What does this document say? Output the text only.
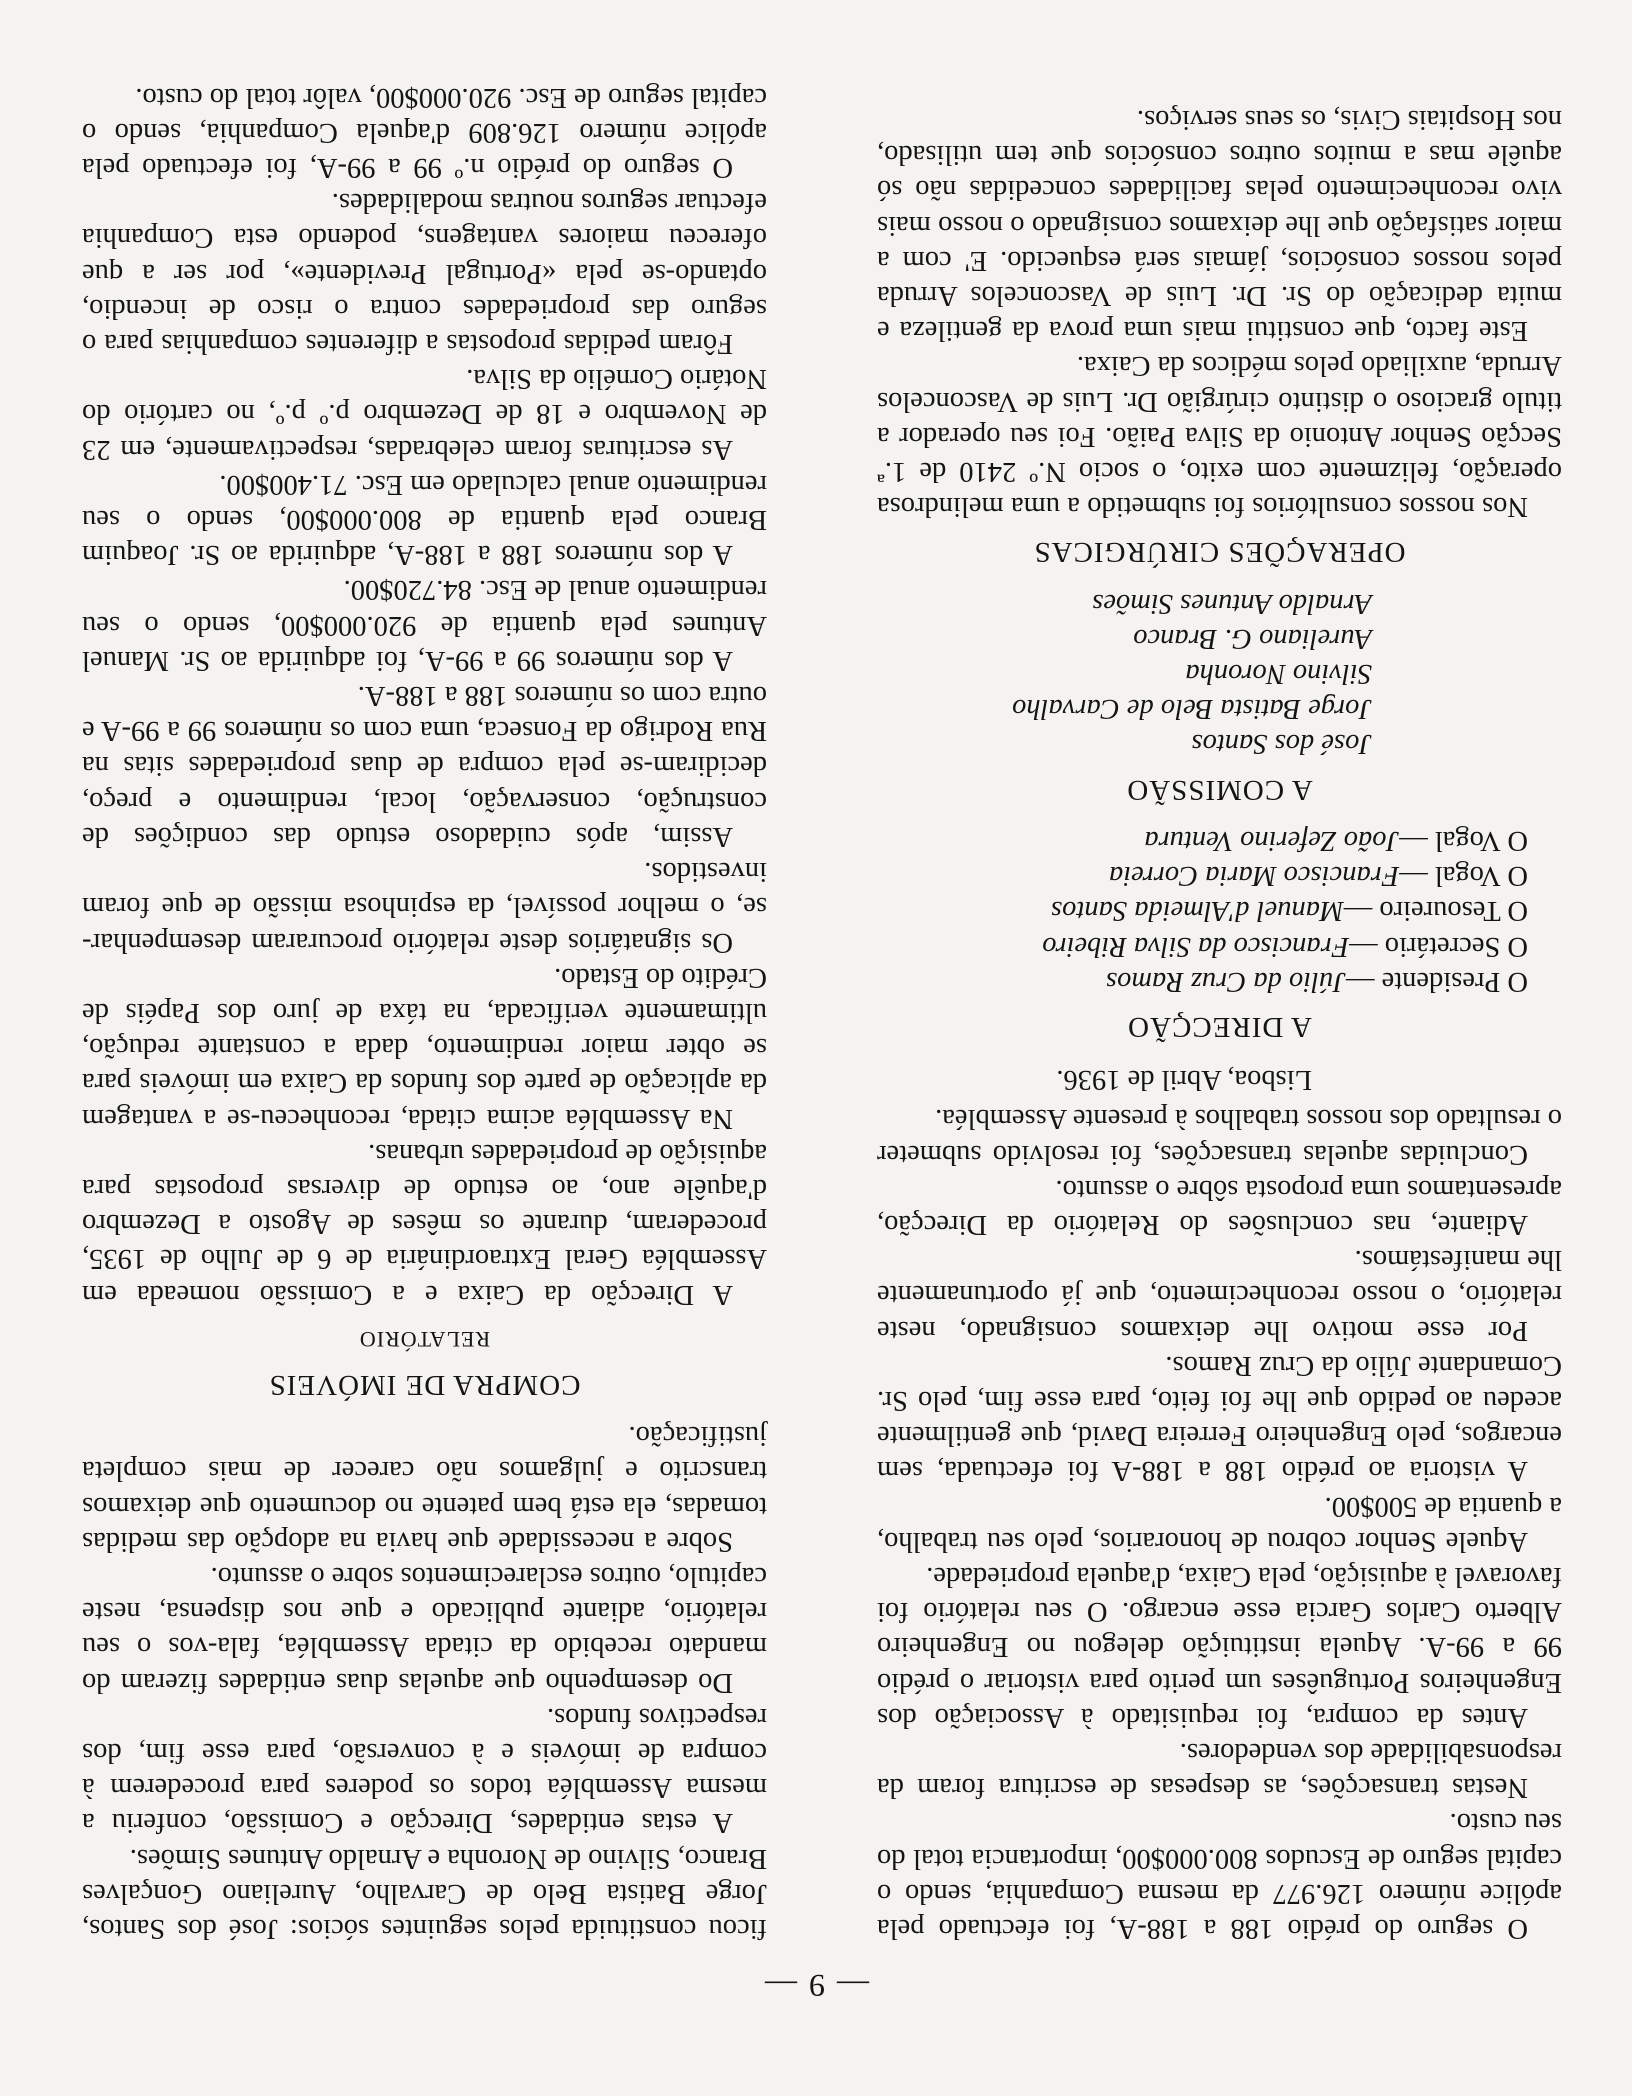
— 9 —

O seguro do prédio 188 a 188-A, foi efectuado pela apólice número 126.977 da mesma Companhia, sendo o capital seguro de Escudos 800.000$00, importancia total do seu custo.

Nestas transacções, as despesas de escritura foram da responsabilidade dos vendedores.

Antes da compra, foi requisitado à Associação dos Engenheiros Portuguêses um perito para vistoriar o prédio 99 a 99-A. Aquela instituição delegou no Engenheiro Alberto Carlos Garcia esse encargo. O seu relatório foi favoravel à aquisição, pela Caixa, d'aquela propriedade.

Aquele Senhor cobrou de honorarios, pelo seu trabalho, a quantia de 500$00.

A vistoria ao prédio 188 a 188-A foi efectuada, sem encargos, pelo Engenheiro Ferreira David, que gentilmente acedeu ao pedido que lhe foi feito, para esse fim, pelo Sr. Comandante Júlio da Cruz Ramos.

Por esse motivo lhe deixamos consignado, neste relatório, o nosso reconhecimento, que já oportunamente lhe manifestámos.

Adiante, nas conclusões do Relatório da Direcção, apresentamos uma proposta sôbre o assunto.

Concluidas aquelas transacções, foi resolvido submeter o resultado dos nossos trabalhos à presente Assembléa.

Lisboa, Abril de 1936.

A DIRECÇÃO

O Presidente —Júlio da Cruz Ramos

O Secretário —Francisco da Silva Ribeiro

O Tesoureiro —Manuel d'Almeida Santos

O Vogal —Francisco Maria Correia

O Vogal —João Zeferino Ventura

A COMISSÃO

José dos Santos

Jorge Batista Belo de Carvalho

Silvino Noronha

Aureliano G. Branco

Arnaldo Antunes Simões

OPERAÇÕES CIRÚRGICAS

Nos nossos consultórios foi submetido a uma melindrosa operação, felizmente com exito, o socio N.º 2410 de 1.ª Secção Senhor Antonio da Silva Paião. Foi seu operador a titulo gracioso o distinto cirúrgião Dr. Luis de Vasconcelos Arruda, auxiliado pelos médicos da Caixa.

Este facto, que constitui mais uma prova da gentileza e muita dedicação do Sr. Dr. Luis de Vasconcelos Arruda pelos nossos consócios, jámais será esquecido. E' com a maior satisfação que lhe deixamos consignado o nosso mais vivo reconhecimento pelas facilidades concedidas não só aquêle mas a muitos outros consócios que tem utilisado, nos Hospitais Civis, os seus serviços.

ficou constituida pelos seguintes sócios: José dos Santos, Jorge Batista Belo de Carvalho, Aureliano Gonçalves Branco, Silvino de Noronha e Arnaldo Antunes Simões.

A estas entidades, Direcção e Comissão, conferiu a mesma Assembléa todos os poderes para procederem à compra de imóveis e à conversão, para esse fim, dos respectivos fundos.

Do desempenho que aquelas duas entidades fizeram do mandato recebido da citada Assembléa, fala-vos o seu relatório, adiante publicado e que nos dispensa, neste capitulo, outros esclarecimentos sobre o assunto.

Sobre a necessidade que havia na adopção das medidas tomadas, ela está bem patente no documento que deixamos transcrito e julgamos não carecer de mais completa justificação.

COMPRA DE IMÓVEIS

RELATÓRIO

A Direcção da Caixa e a Comissão nomeada em Assembléa Geral Extraordinária de 6 de Julho de 1935, procederam, durante os mêses de Agosto a Dezembro d'aquêle ano, ao estudo de diversas propostas para aquisição de propriedades urbanas.

Na Assembléa acima citada, reconheceu-se a vantagem da aplicação de parte dos fundos da Caixa em imóveis para se obter maior rendimento, dada a constante redução, ultimamente verificada, na táxa de juro dos Papéis de Crédito do Estado.

Os signatários deste relatório procuraram desempenhar-se, o melhor possível, da espinhosa missão de que foram investidos.

Assim, após cuidadoso estudo das condições de construção, conservação, local, rendimento e preço, decidiram-se pela compra de duas propriedades sitas na Rua Rodrigo da Fonseca, uma com os números 99 a 99-A e outra com os números 188 a 188-A.

A dos números 99 a 99-A, foi adquirida ao Sr. Manuel Antunes pela quantia de 920.000$00, sendo o seu rendimento anual de Esc. 84.720$00.

A dos números 188 a 188-A, adquirida ao Sr. Joaquim Branco pela quantia de 800.000$00, sendo o seu rendimento anual calculado em Esc. 71.400$00.

As escrituras foram celebradas, respectivamente, em 23 de Novembro e 18 de Dezembro p.º p.º, no cartório do Notário Cornélio da Silva.

Fôram pedidas propostas a diferentes companhias para o seguro das propriedades contra o risco de incendio, optando-se pela «Portugal Previdente», por ser a que ofereceu maiores vantagens, podendo esta Companhia efectuar seguros noutras modalidades.

O seguro do prédio n.º 99 a 99-A, foi efectuado pela apólice número 126.809 d'aquela Companhia, sendo o capital seguro de Esc. 920.000$00, valôr total do custo.
